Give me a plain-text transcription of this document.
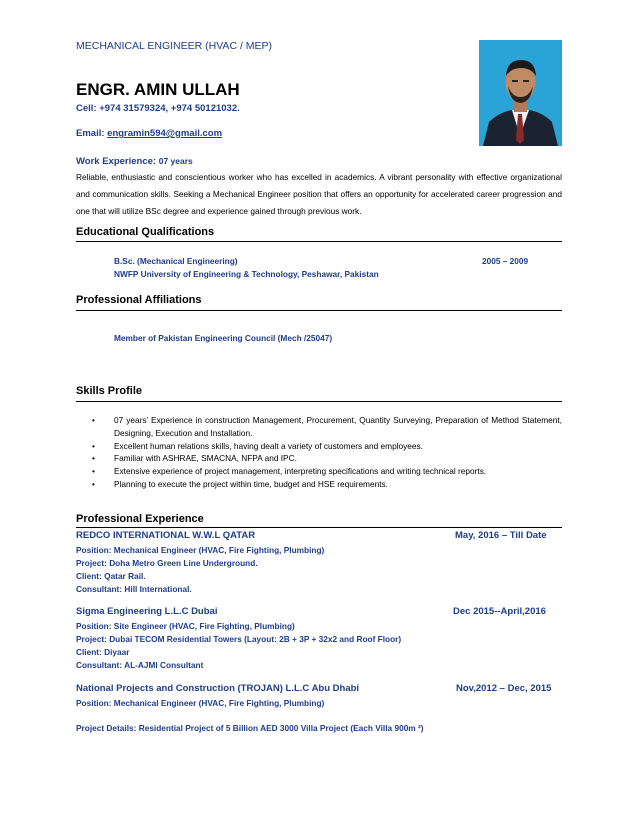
MECHANICAL ENGINEER (HVAC / MEP)
ENGR. AMIN ULLAH
Cell: +974 31579324, +974 50121032.
Email: engramin594@gmail.com
Work Experience: 07 years
Reliable, enthusiastic and conscientious worker who has excelled in academics. A vibrant personality with effective organizational and communication skills. Seeking a Mechanical Engineer position that offers an opportunity for accelerated career progression and one that will utilize BSc degree and experience gained through previous work.
Educational Qualifications
B.Sc. (Mechanical Engineering)	2005 – 2009
NWFP University of Engineering & Technology, Peshawar, Pakistan
Professional Affiliations
Member of Pakistan Engineering Council (Mech /25047)
Skills Profile
• 07 years’ Experience in construction Management, Procurement, Quantity Surveying, Preparation of Method Statement, Designing, Execution and Installation.
• Excellent human relations skills, having dealt a variety of customers and employees.
• Familiar with ASHRAE, SMACNA, NFPA and IPC.
• Extensive experience of project management, interpreting specifications and writing technical reports.
• Planning to execute the project within time, budget and HSE requirements.
Professional Experience
REDCO INTERNATIONAL W.W.L QATAR	May, 2016 – Till Date
Position: Mechanical Engineer (HVAC, Fire Fighting, Plumbing)
Project: Doha Metro Green Line Underground.
Client: Qatar Rail.
Consultant: Hill International.
Sigma Engineering L.L.C Dubai	Dec 2015--April,2016
Position: Site Engineer (HVAC, Fire Fighting, Plumbing)
Project: Dubai TECOM Residential Towers (Layout: 2B + 3P + 32x2 and Roof Floor)
Client: Diyaar
Consultant: AL-AJMI Consultant
National Projects and Construction (TROJAN) L.L.C Abu Dhabi	Nov,2012 – Dec, 2015
Position: Mechanical Engineer (HVAC, Fire Fighting, Plumbing)
Project Details: Residential Project of 5 Billion AED 3000 Villa Project (Each Villa 900m ²)
